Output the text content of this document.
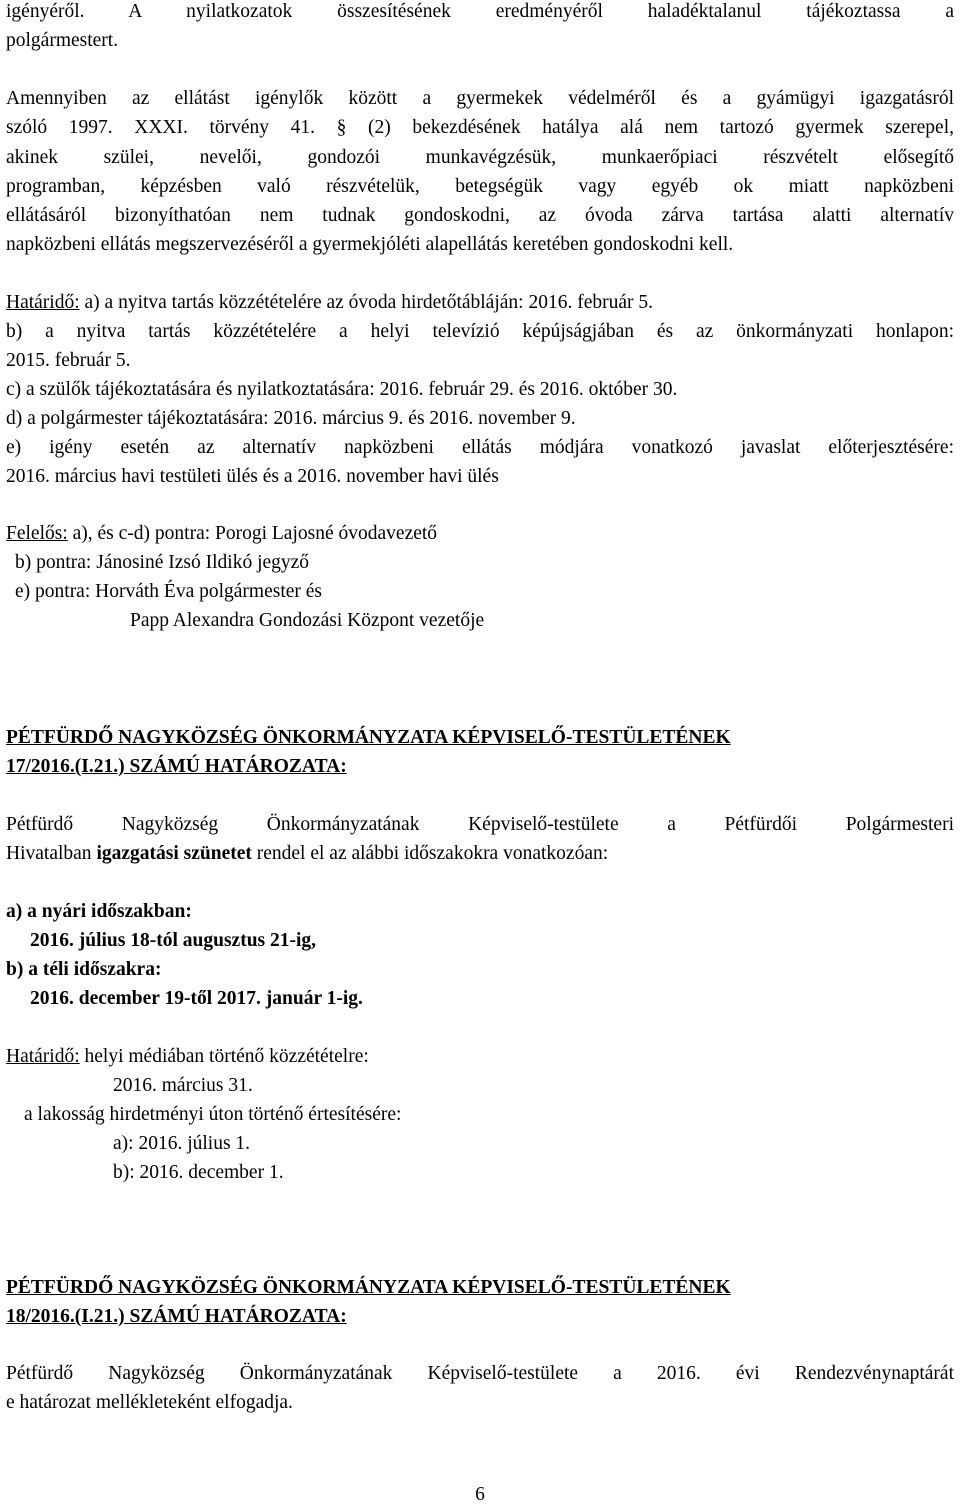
igényéről. A nyilatkozatok összesítésének eredményéről haladéktalanul tájékoztassa a
polgármestert.
Amennyiben az ellátást igénylők között a gyermekek védelméről és a gyámügyi igazgatásról
szóló 1997. XXXI. törvény 41. § (2) bekezdésének hatálya alá nem tartozó gyermek szerepel,
akinek szülei, nevelői, gondozói munkavégzésük, munkaerőpiaci részvételt elősegítő
programban, képzésben való részvételük, betegségük vagy egyéb ok miatt napközbeni
ellátásáról bizonyíthatóan nem tudnak gondoskodni, az óvoda zárva tartása alatti alternatív
napközbeni ellátás megszervezéséről a gyermekjóléti alapellátás keretében gondoskodni kell.
Határidő: a) a nyitva tartás közzétételére az óvoda hirdetőtábláján: 2016. február 5.
b) a nyitva tartás közzétételére a helyi televízió képújságjában és az önkormányzati honlapon:
2015. február 5.
c) a szülők tájékoztatására és nyilatkoztatására: 2016. február 29. és 2016. október 30.
d) a polgármester tájékoztatására: 2016. március 9. és 2016. november 9.
e) igény esetén az alternatív napközbeni ellátás módjára vonatkozó javaslat előterjesztésére:
2016. március havi testületi ülés és a 2016. november havi ülés
Felelős: a), és c-d) pontra: Porogi Lajosné óvodavezető
b) pontra: Jánosiné Izsó Ildikó jegyző
e) pontra: Horváth Éva polgármester és
Papp Alexandra Gondozási Központ vezetője
PÉTFÜRDŐ NAGYKÖZSÉG ÖNKORMÁNYZATA KÉPVISELŐ-TESTÜLETÉNEK
17/2016.(I.21.) SZÁMÚ HATÁROZATA:
Pétfürdő Nagyközség Önkormányzatának Képviselő-testülete a Pétfürdői Polgármesteri
Hivatalban igazgatási szünetet rendel el az alábbi időszakokra vonatkozóan:
a) a nyári időszakban:
2016. július 18-tól augusztus 21-ig,
b) a téli időszakra:
2016. december 19-től 2017. január 1-ig.
Határidő: helyi médiában történő közzétételre:
2016. március 31.
a lakosság hirdetményi úton történő értesítésére:
a): 2016. július 1.
b): 2016. december 1.
PÉTFÜRDŐ NAGYKÖZSÉG ÖNKORMÁNYZATA KÉPVISELŐ-TESTÜLETÉNEK
18/2016.(I.21.) SZÁMÚ HATÁROZATA:
Pétfürdő Nagyközség Önkormányzatának Képviselő-testülete a 2016. évi Rendezvénynaptárát
e határozat mellékleteként elfogadja.
6
